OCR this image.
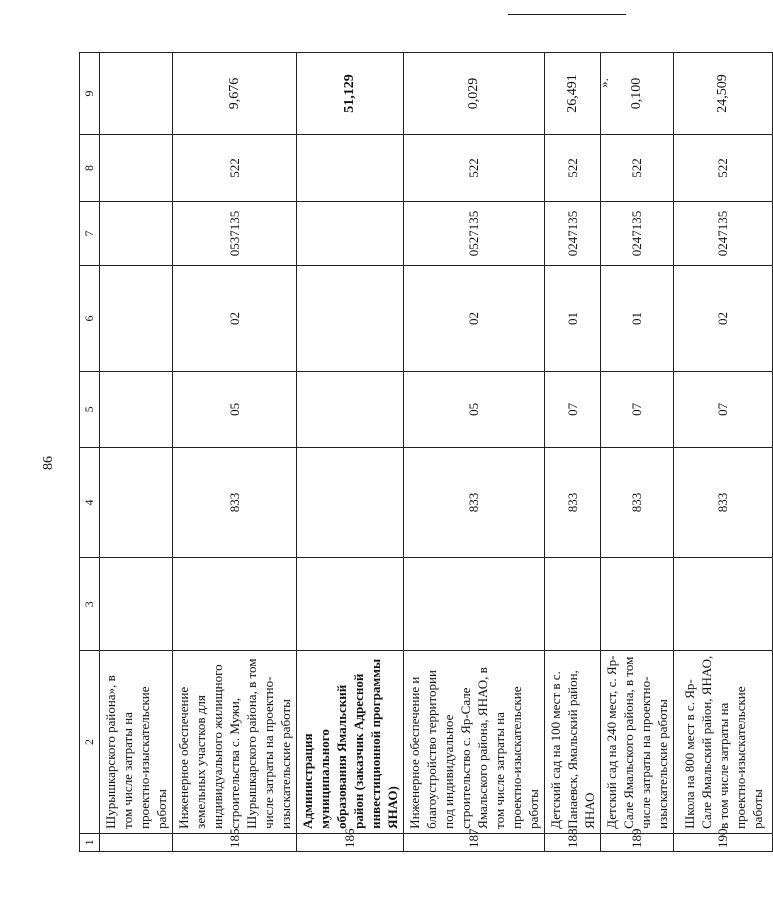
86
».
1	2	3	4	5	6	7	8	9
	Шурышкарского района», в том числе затраты на проектно-изыскательские работы							
185	Инженерное обеспечение земельных участков для индивидуального жилищного строительства с. Мужи, Шурышкарского района, в том числе затраты на проектно-изыскательские работы		833	05	02	0537135	522	9,676
186	Администрация муниципального образования Ямальский район (заказчик Адресной инвестиционной программы ЯНАО)							51,129
187	Инженерное обеспечение и благоустройство территории под индивидуальное строительство с. Яр-Сале Ямальского района, ЯНАО, в том числе затраты на проектно-изыскательские работы		833	05	02	0527135	522	0,029
188	Детский сад на 100 мест в с. Панаевск, Ямальский район, ЯНАО		833	07	01	0247135	522	26,491
189	Детский сад на 240 мест, с. Яр-Сале Ямальского района, в том числе затраты на проектно-изыскательские работы		833	07	01	0247135	522	0,100
190	Школа на 800 мест в с. Яр-Сале Ямальский район, ЯНАО, в том числе затраты на проектно-изыскательские работы		833	07	02	0247135	522	24,509
